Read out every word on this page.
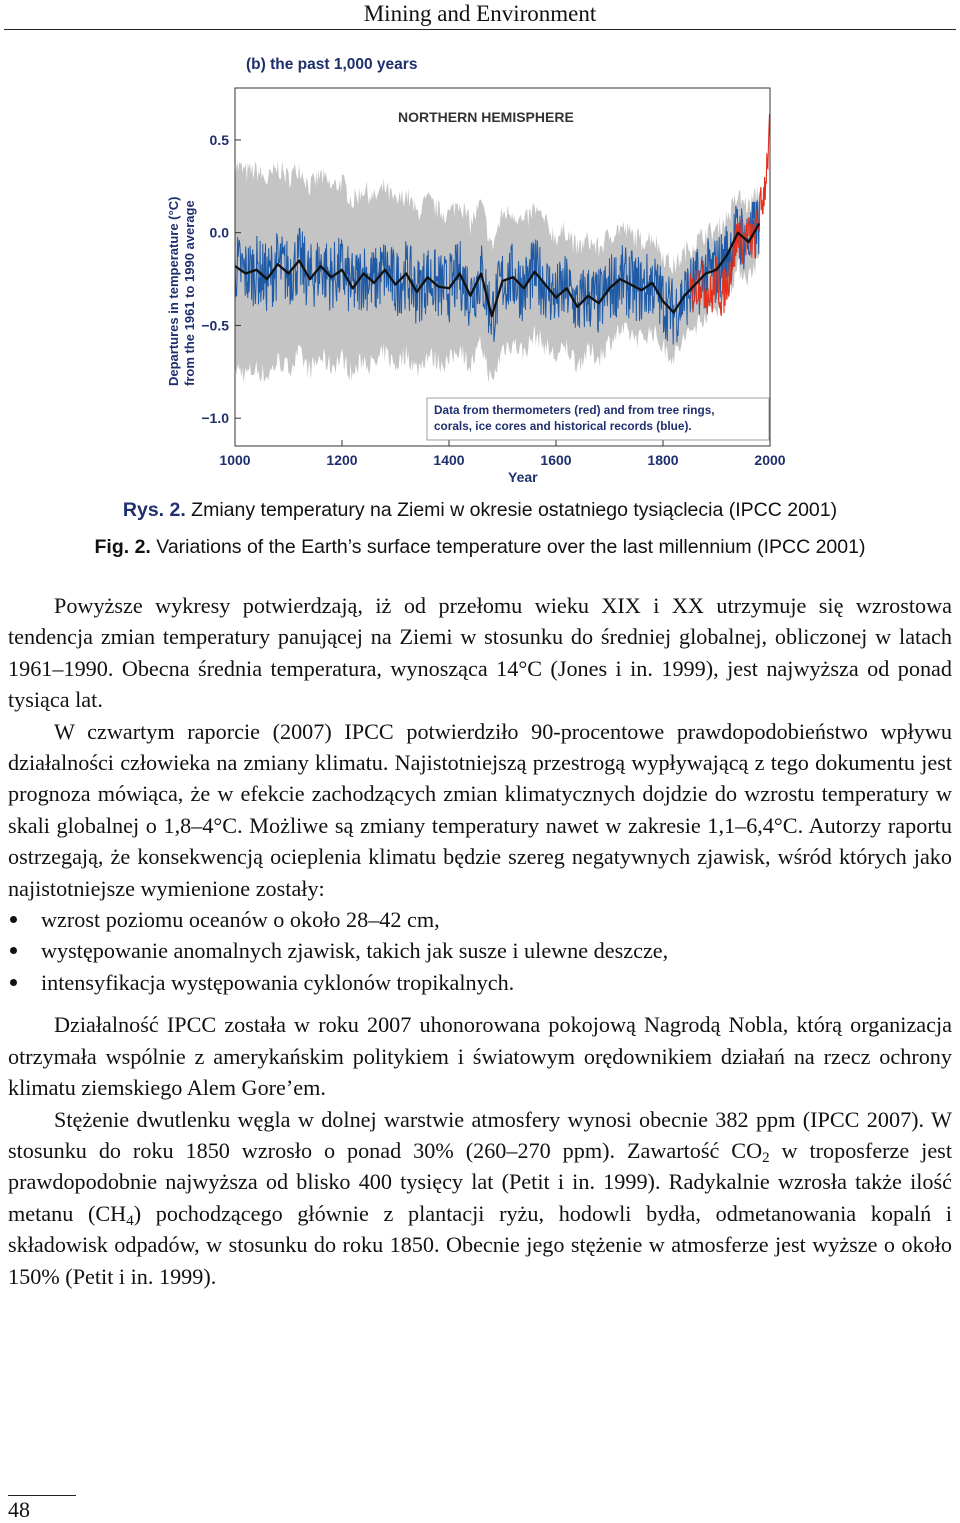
Mining and Environment
(b) the past 1,000 years
NORTHERN HEMISPHERE
Departures in temperature (°C) from the 1961 to 1990 average
0.5
0.0
−0.5
−1.0
1000	1200	1400	1600	1800	2000
Data from thermometers (red) and from tree rings,
corals, ice cores and historical records (blue).
Year
Rys. 2. Zmiany temperatury na Ziemi w okresie ostatniego tysiąclecia (IPCC 2001)
Fig. 2. Variations of the Earth’s surface temperature over the last millennium (IPCC 2001)

Powyższe wykresy potwierdzają, iż od przełomu wieku XIX i XX utrzymuje się wzrostowa tendencja zmian temperatury panującej na Ziemi w stosunku do średniej globalnej, obliczonej w latach 1961–1990. Obecna średnia temperatura, wynosząca 14°C (Jones i in. 1999), jest najwyższa od ponad tysiąca lat.

W czwartym raporcie (2007) IPCC potwierdziło 90-procentowe prawdopodobieństwo wpływu działalności człowieka na zmiany klimatu. Najistotniejszą przestrogą wypływającą z tego dokumentu jest prognoza mówiąca, że w efekcie zachodzących zmian klimatycznych dojdzie do wzrostu temperatury w skali globalnej o 1,8–4°C. Możliwe są zmiany temperatury nawet w zakresie 1,1–6,4°C. Autorzy raportu ostrzegają, że konsekwencją ocieplenia klimatu będzie szereg negatywnych zjawisk, wśród których jako najistotniejsze wymienione zostały:

wzrost poziomu oceanów o około 28–42 cm,
występowanie anomalnych zjawisk, takich jak susze i ulewne deszcze,
intensyfikacja występowania cyklonów tropikalnych.

Działalność IPCC została w roku 2007 uhonorowana pokojową Nagrodą Nobla, którą organizacja otrzymała wspólnie z amerykańskim politykiem i światowym orędownikiem działań na rzecz ochrony klimatu ziemskiego Alem Gore’em.

Stężenie dwutlenku węgla w dolnej warstwie atmosfery wynosi obecnie 382 ppm (IPCC 2007). W stosunku do roku 1850 wzrosło o ponad 30% (260–270 ppm). Zawartość $CO_2$ w troposferze jest prawdopodobnie najwyższa od blisko 400 tysięcy lat (Petit i in. 1999). Radykalnie wzrosła także ilość metanu $(CH_4)$ pochodzącego głównie z plantacji ryżu, hodowli bydła, odmetanowania kopalń i składowisk odpadów, w stosunku do roku 1850. Obecnie jego stężenie w atmosferze jest wyższe o około 150% (Petit i in. 1999).

48
